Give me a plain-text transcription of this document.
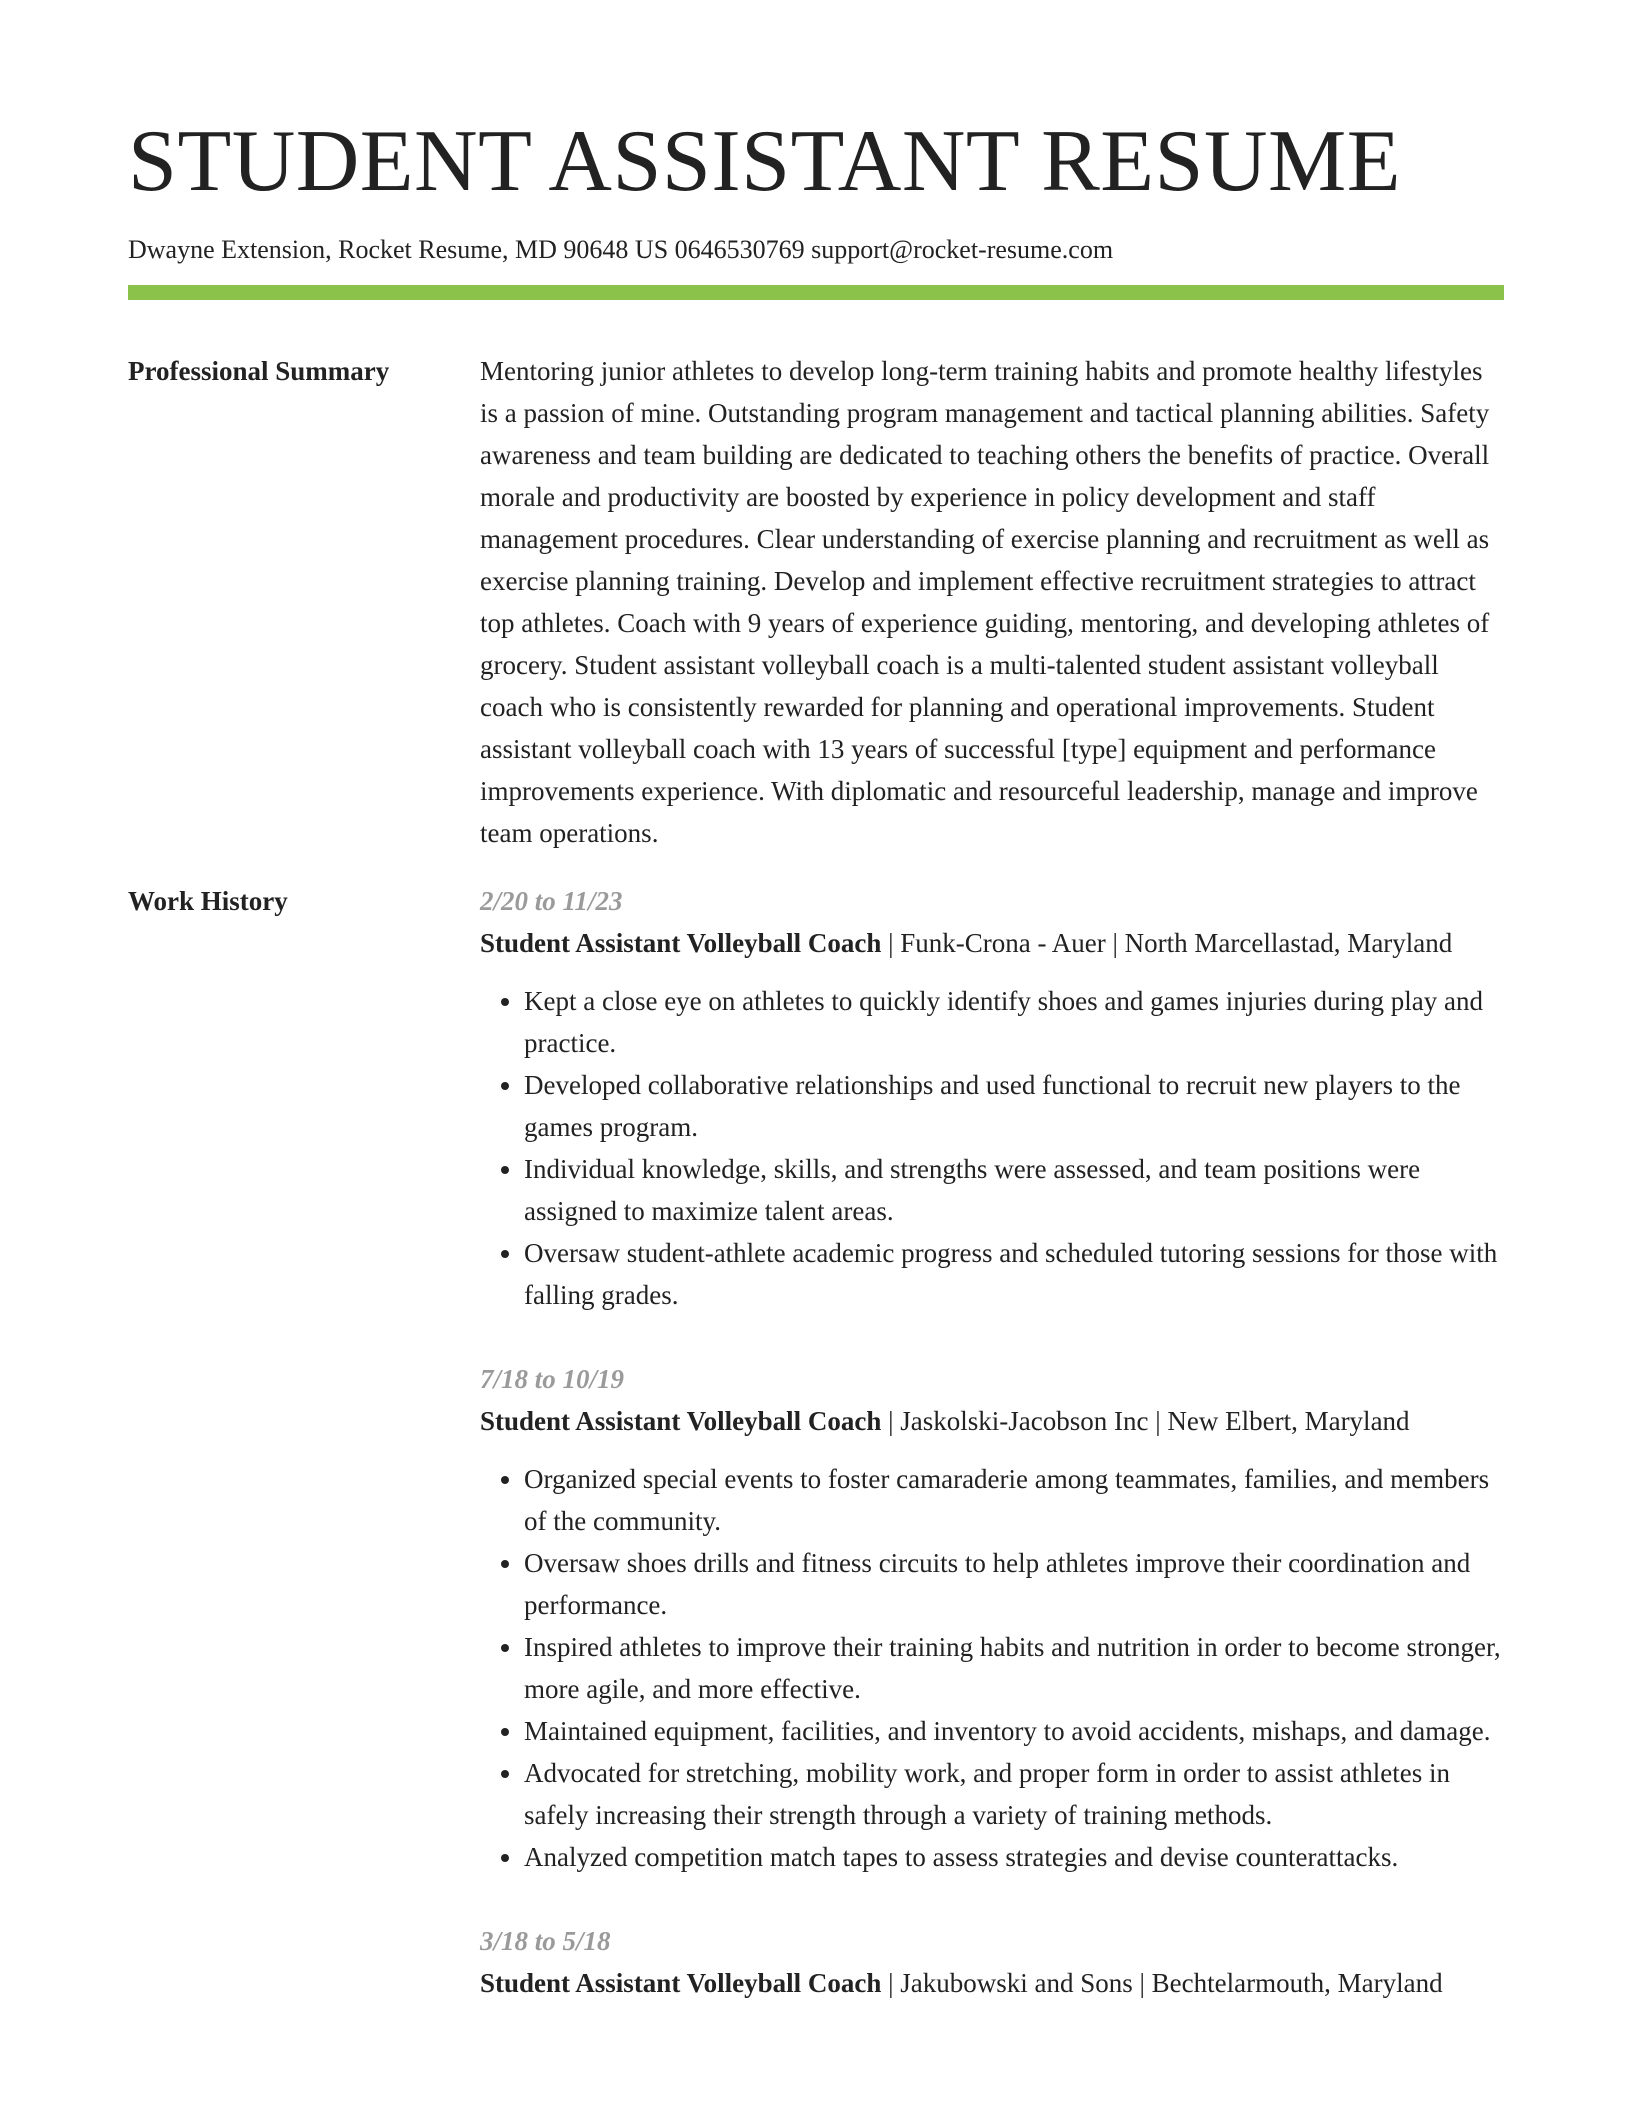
STUDENT ASSISTANT RESUME
Dwayne Extension, Rocket Resume, MD 90648 US 0646530769 support@rocket-resume.com
Professional Summary	Mentoring junior athletes to develop long-term training habits and promote healthy lifestyles is a passion of mine. Outstanding program management and tactical planning abilities. Safety awareness and team building are dedicated to teaching others the benefits of practice. Overall morale and productivity are boosted by experience in policy development and staff management procedures. Clear understanding of exercise planning and recruitment as well as exercise planning training. Develop and implement effective recruitment strategies to attract top athletes. Coach with 9 years of experience guiding, mentoring, and developing athletes of grocery. Student assistant volleyball coach is a multi-talented student assistant volleyball coach who is consistently rewarded for planning and operational improvements. Student assistant volleyball coach with 13 years of successful [type] equipment and performance improvements experience. With diplomatic and resourceful leadership, manage and improve team operations.

Work History	2/20 to 11/23
Student Assistant Volleyball Coach | Funk-Crona - Auer | North Marcellastad, Maryland
• Kept a close eye on athletes to quickly identify shoes and games injuries during play and practice.
• Developed collaborative relationships and used functional to recruit new players to the games program.
• Individual knowledge, skills, and strengths were assessed, and team positions were assigned to maximize talent areas.
• Oversaw student-athlete academic progress and scheduled tutoring sessions for those with falling grades.
7/18 to 10/19
Student Assistant Volleyball Coach | Jaskolski-Jacobson Inc | New Elbert, Maryland
• Organized special events to foster camaraderie among teammates, families, and members of the community.
• Oversaw shoes drills and fitness circuits to help athletes improve their coordination and performance.
• Inspired athletes to improve their training habits and nutrition in order to become stronger, more agile, and more effective.
• Maintained equipment, facilities, and inventory to avoid accidents, mishaps, and damage.
• Advocated for stretching, mobility work, and proper form in order to assist athletes in safely increasing their strength through a variety of training methods.
• Analyzed competition match tapes to assess strategies and devise counterattacks.
3/18 to 5/18
Student Assistant Volleyball Coach | Jakubowski and Sons | Bechtelarmouth, Maryland
